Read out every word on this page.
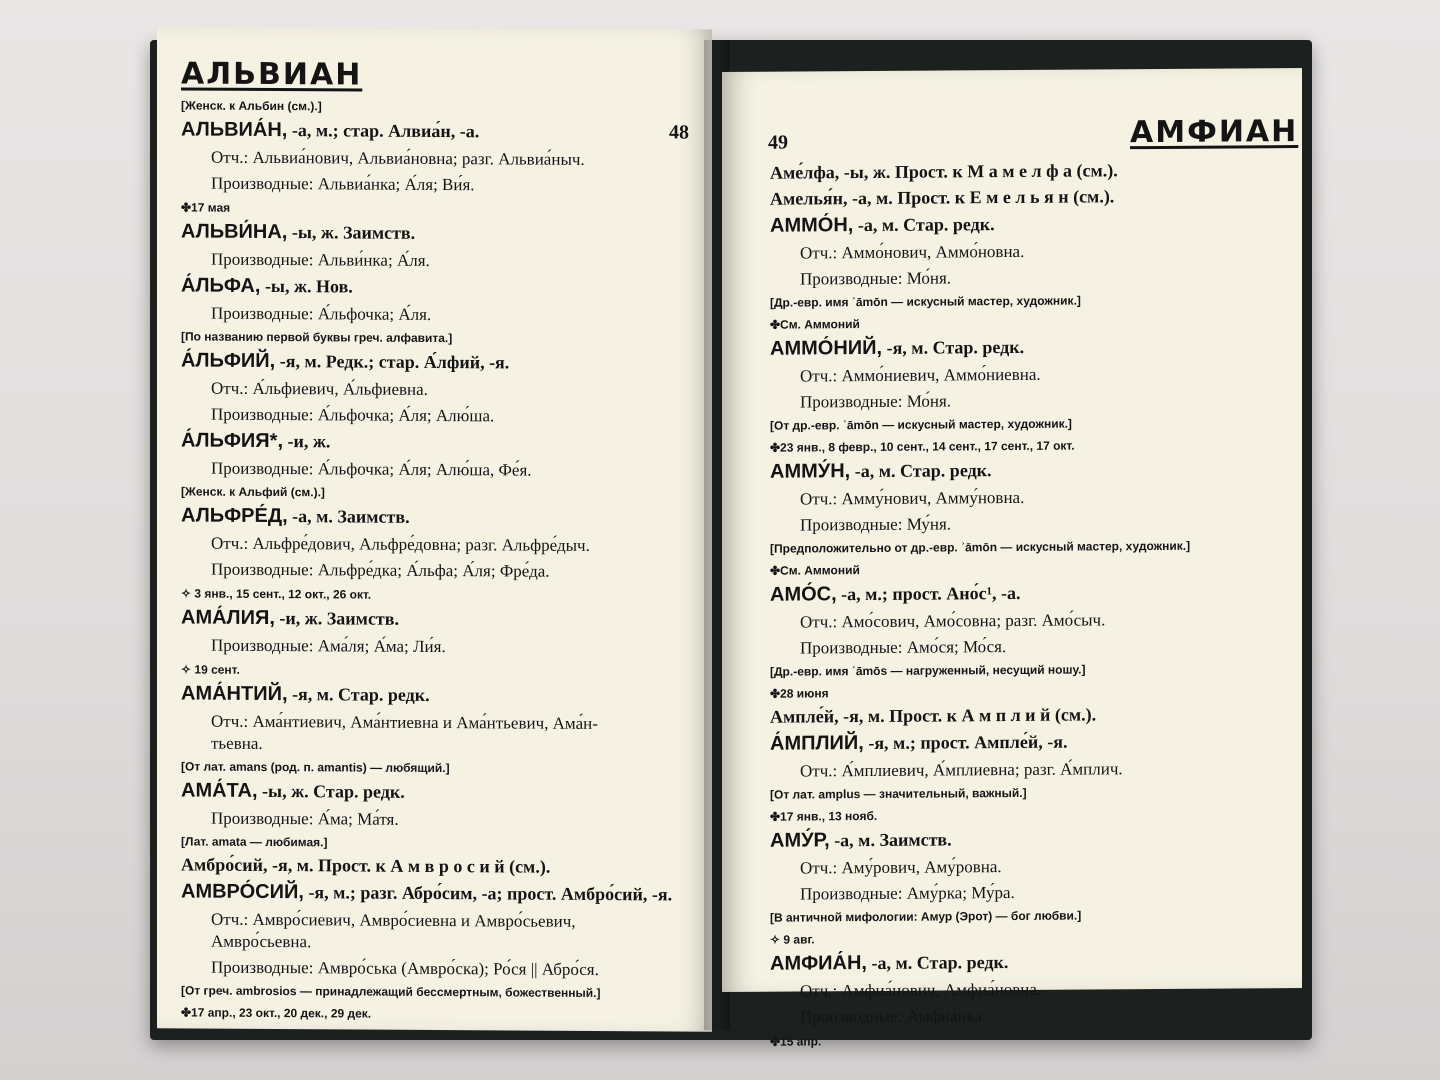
АЛЬВИАН
48
[Женск. к Альбин (см.).]
АЛЬВИА́Н, -а, м.; стар. Алвиа́н, -а.
Отч.: Альвиа́нович, Альвиа́новна; разг. Альвиа́ныч.
Производные: Альвиа́нка; А́ля; Ви́я.
✤17 мая
АЛЬВИ́НА, -ы, ж. Заимств.
Производные: Альви́нка; А́ля.
А́ЛЬФА, -ы, ж. Нов.
Производные: А́льфочка; А́ля.
[По названию первой буквы греч. алфавита.]
А́ЛЬФИЙ, -я, м. Редк.; стар. А́лфий, -я.
Отч.: А́льфиевич, А́льфиевна.
Производные: А́льфочка; А́ля; Алю́ша.
А́ЛЬФИЯ*, -и, ж.
Производные: А́льфочка; А́ля; Алю́ша, Фе́я.
[Женск. к Альфий (см.).]
АЛЬФРЕ́Д, -а, м. Заимств.
Отч.: Альфре́дович, Альфре́довна; разг. Альфре́дыч.
Производные: Альфре́дка; А́льфа; А́ля; Фре́да.
✧ 3 янв., 15 сент., 12 окт., 26 окт.
АМА́ЛИЯ, -и, ж. Заимств.
Производные: Ама́ля; А́ма; Ли́я.
✧ 19 сент.
АМА́НТИЙ, -я, м. Стар. редк.
Отч.: Ама́нтиевич, Ама́нтиевна и Ама́нтьевич, Ама́н-
тьевна.
[От лат. amans (род. п. amantis) — любящий.]
АМА́ТА, -ы, ж. Стар. редк.
Производные: А́ма; Ма́тя.
[Лат. amata — любимая.]
Амбро́сий, -я, м. Прост. к А м в р о с и й (см.).
АМВРО́СИЙ, -я, м.; разг. Абро́сим, -а; прост. Амбро́сий, -я.
Отч.: Амвро́сиевич, Амвро́сиевна и Амвро́сьевич,
Амвро́сьевна.
Производные: Амвро́ська (Амвро́ска); Ро́ся || Абро́ся.
[От греч. ambrosios — принадлежащий бессмертным, божественный.]
✤17 апр., 23 окт., 20 дек., 29 дек.
АМФИАН
49
Аме́лфа, -ы, ж. Прост. к М а м е л ф а (см.).
Амелья́н, -а, м. Прост. к Е м е л ь я н (см.).
АММО́Н, -а, м. Стар. редк.
Отч.: Аммо́нович, Аммо́новна.
Производные: Мо́ня.
[Др.-евр. имя ʾāmōn — искусный мастер, художник.]
✤См. Аммоний
АММО́НИЙ, -я, м. Стар. редк.
Отч.: Аммо́ниевич, Аммо́ниевна.
Производные: Мо́ня.
[От др.-евр. ʾāmōn — искусный мастер, художник.]
✤23 янв., 8 февр., 10 сент., 14 сент., 17 сент., 17 окт.
АММУ́Н, -а, м. Стар. редк.
Отч.: Амму́нович, Амму́новна.
Производные: Му́ня.
[Предположительно от др.-евр. ʾāmōn — искусный мастер, художник.]
✤См. Аммоний
АМО́С, -а, м.; прост. Ано́с¹, -а.
Отч.: Амо́сович, Амо́совна; разг. Амо́сыч.
Производные: Амо́ся; Мо́ся.
[Др.-евр. имя ʿāmōs — нагруженный, несущий ношу.]
✤28 июня
Ампле́й, -я, м. Прост. к А м п л и й (см.).
А́МПЛИЙ, -я, м.; прост. Ампле́й, -я.
Отч.: А́мплиевич, А́мплиевна; разг. А́мплич.
[От лат. amplus — значительный, важный.]
✤17 янв., 13 нояб.
АМУ́Р, -а, м. Заимств.
Отч.: Аму́рович, Аму́ровна.
Производные: Аму́рка; Му́ра.
[В античной мифологии: Амур (Эрот) — бог любви.]
✧ 9 авг.
АМФИА́Н, -а, м. Стар. редк.
Отч.: Амфиа́нович, Амфиа́новна.
Производные: Амфиа́нка.
✤15 апр.
